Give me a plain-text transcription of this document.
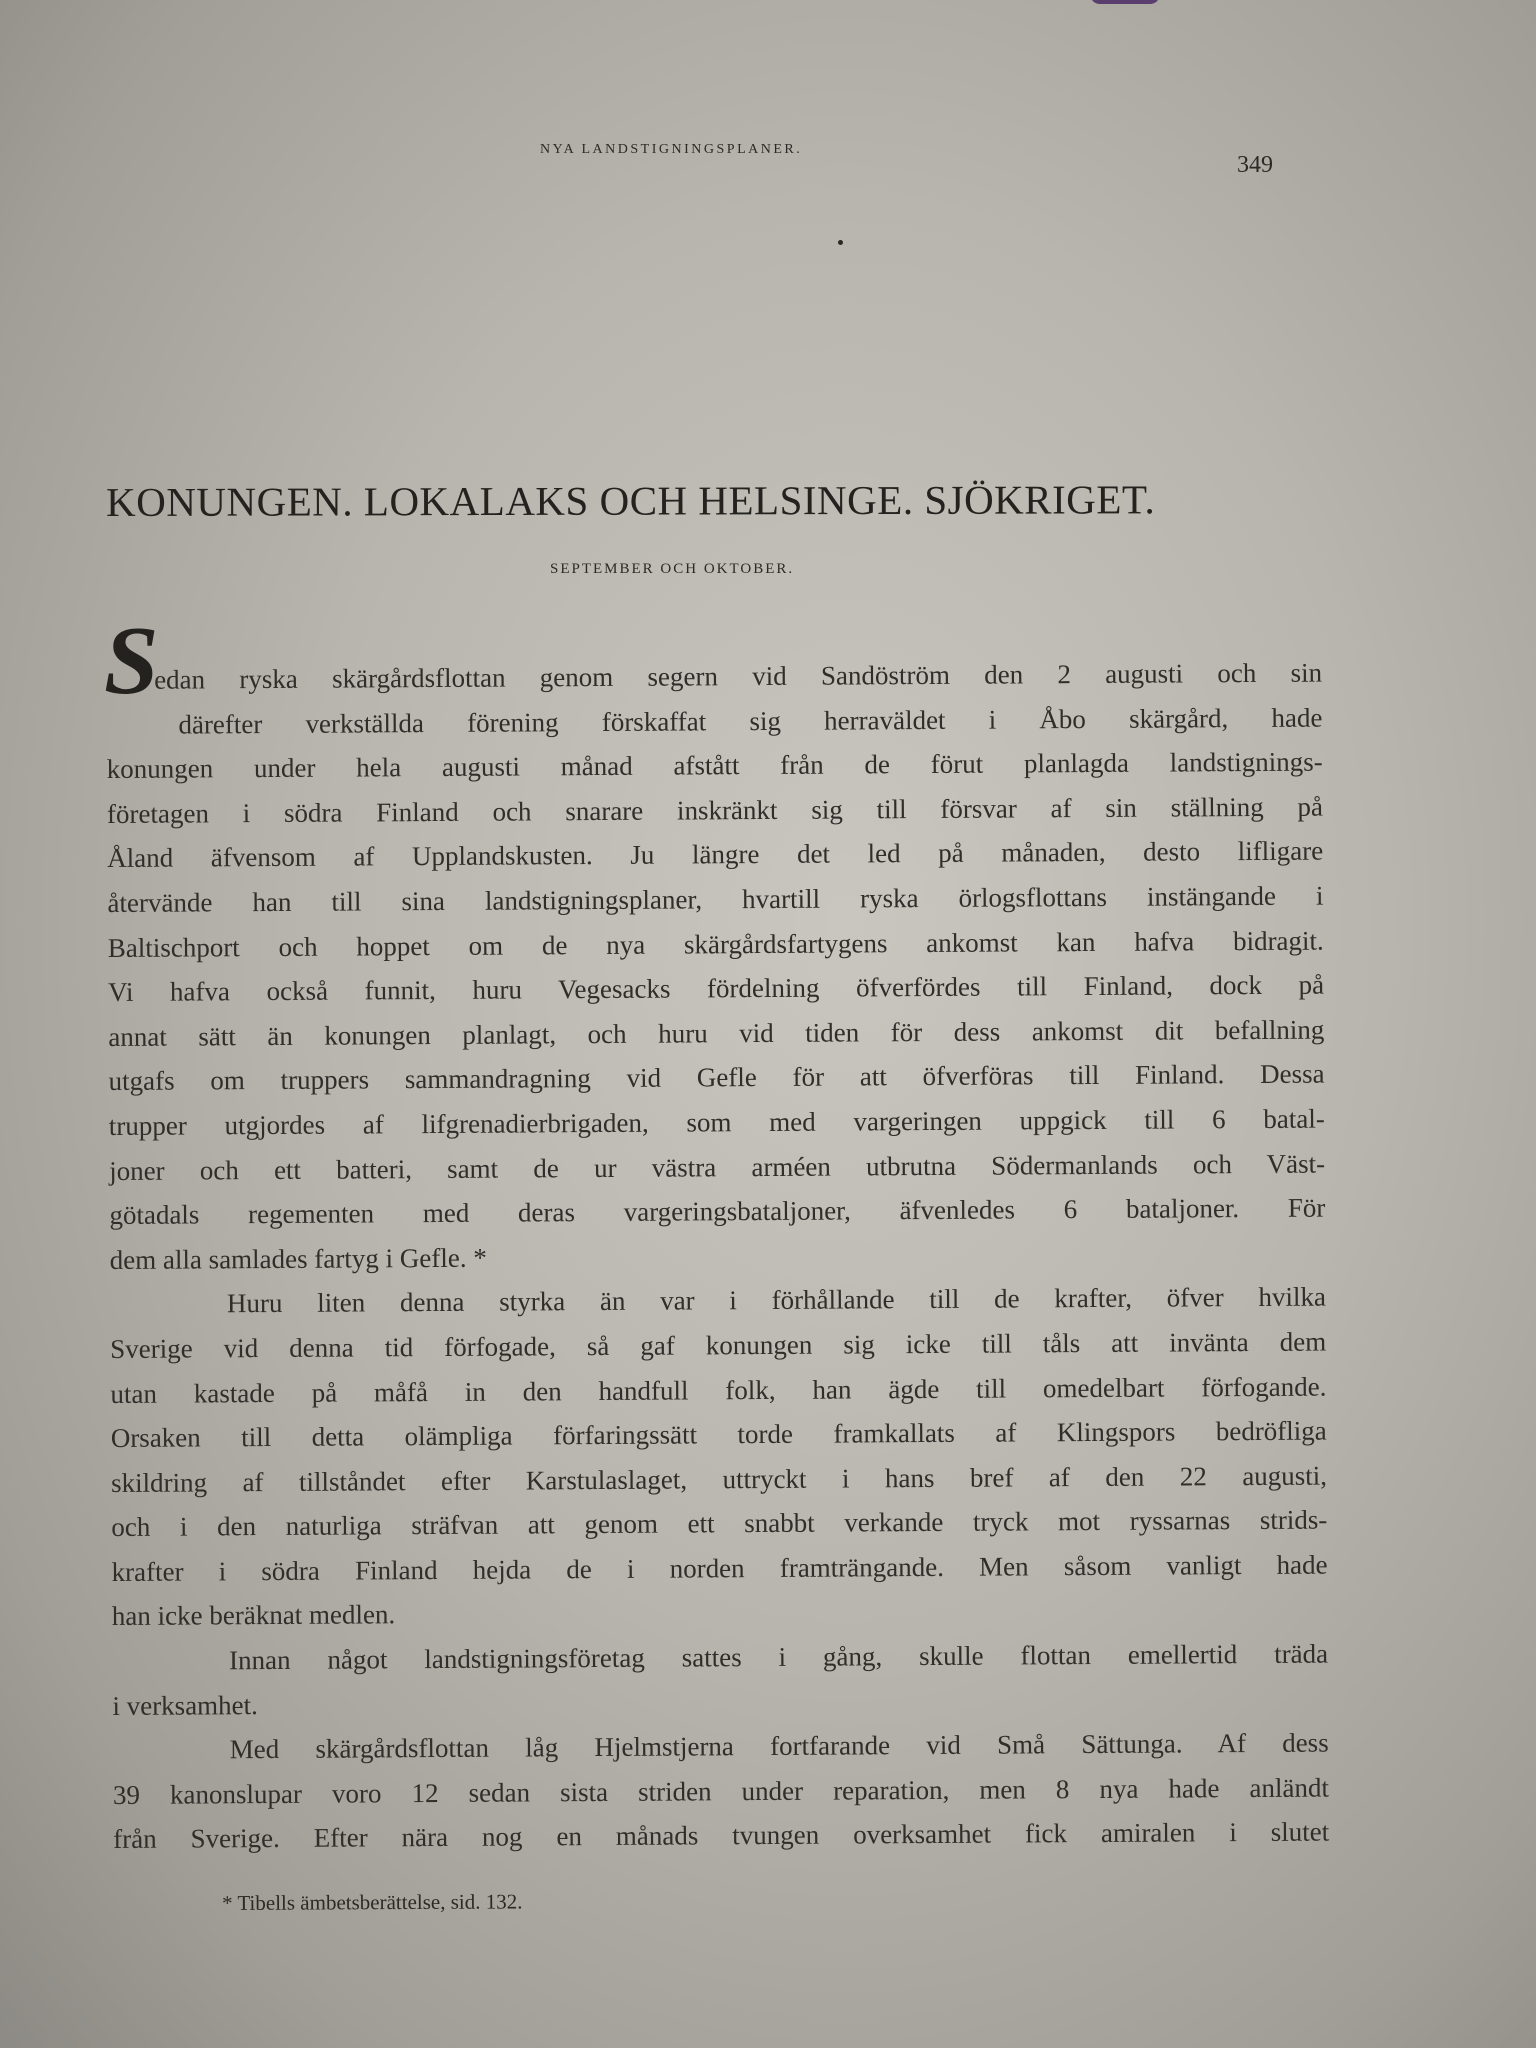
NYA LANDSTIGNINGSPLANER.
349
KONUNGEN. LOKALAKS OCH HELSINGE. SJÖKRIGET.
SEPTEMBER OCH OKTOBER.
S
edan ryska skärgårdsflottan genom segern vid Sandöström den 2 augusti och sin
därefter verkställda förening förskaffat sig herraväldet i Åbo skärgård, hade
konungen under hela augusti månad afstått från de förut planlagda landstignings-
företagen i södra Finland och snarare inskränkt sig till försvar af sin ställning på
Åland äfvensom af Upplandskusten. Ju längre det led på månaden, desto lifligare
återvände han till sina landstigningsplaner, hvartill ryska örlogsflottans instängande i
Baltischport och hoppet om de nya skärgårdsfartygens ankomst kan hafva bidragit.
Vi hafva också funnit, huru Vegesacks fördelning öfverfördes till Finland, dock på
annat sätt än konungen planlagt, och huru vid tiden för dess ankomst dit befallning
utgafs om truppers sammandragning vid Gefle för att öfverföras till Finland. Dessa
trupper utgjordes af lifgrenadierbrigaden, som med vargeringen uppgick till 6 batal-
joner och ett batteri, samt de ur västra arméen utbrutna Södermanlands och Väst-
götadals regementen med deras vargeringsbataljoner, äfvenledes 6 bataljoner. För
dem alla samlades fartyg i Gefle. *
Huru liten denna styrka än var i förhållande till de krafter, öfver hvilka
Sverige vid denna tid förfogade, så gaf konungen sig icke till tåls att invänta dem
utan kastade på måfå in den handfull folk, han ägde till omedelbart förfogande.
Orsaken till detta olämpliga förfaringssätt torde framkallats af Klingspors bedröfliga
skildring af tillståndet efter Karstulaslaget, uttryckt i hans bref af den 22 augusti,
och i den naturliga sträfvan att genom ett snabbt verkande tryck mot ryssarnas strids-
krafter i södra Finland hejda de i norden framträngande. Men såsom vanligt hade
han icke beräknat medlen.
Innan något landstigningsföretag sattes i gång, skulle flottan emellertid träda
i verksamhet.
Med skärgårdsflottan låg Hjelmstjerna fortfarande vid Små Sättunga. Af dess
39 kanonslupar voro 12 sedan sista striden under reparation, men 8 nya hade anländt
från Sverige. Efter nära nog en månads tvungen overksamhet fick amiralen i slutet
* Tibells ämbetsberättelse, sid. 132.
